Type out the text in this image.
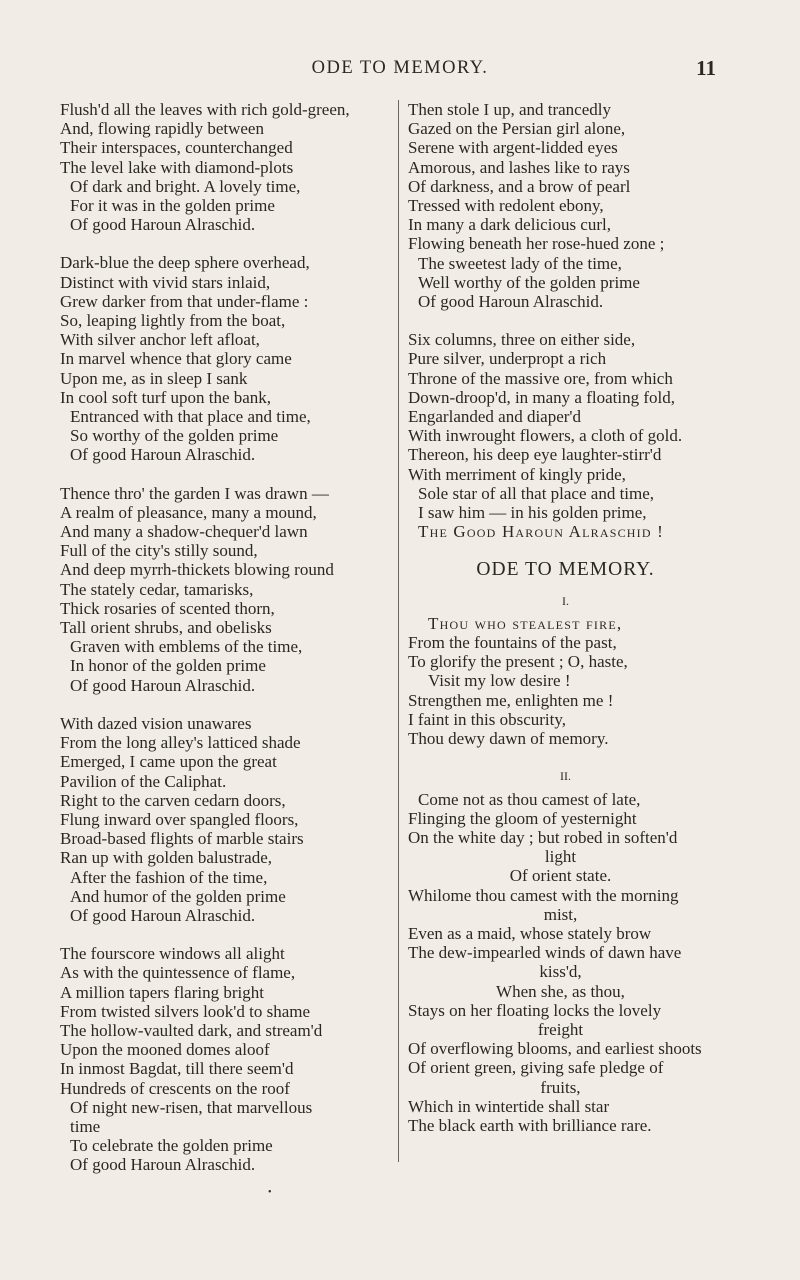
ODE TO MEMORY.	11
Flush'd all the leaves with rich gold-green,
And, flowing rapidly between
Their interspaces, counterchanged
The level lake with diamond-plots
Of dark and bright. A lovely time,
For it was in the golden prime
Of good Haroun Alraschid.
Dark-blue the deep sphere overhead,
Distinct with vivid stars inlaid,
Grew darker from that under-flame :
So, leaping lightly from the boat,
With silver anchor left afloat,
In marvel whence that glory came
Upon me, as in sleep I sank
In cool soft turf upon the bank,
Entranced with that place and time,
So worthy of the golden prime
Of good Haroun Alraschid.
Thence thro' the garden I was drawn —
A realm of pleasance, many a mound,
And many a shadow-chequer'd lawn
Full of the city's stilly sound,
And deep myrrh-thickets blowing round
The stately cedar, tamarisks,
Thick rosaries of scented thorn,
Tall orient shrubs, and obelisks
Graven with emblems of the time,
In honor of the golden prime
Of good Haroun Alraschid.
With dazed vision unawares
From the long alley's latticed shade
Emerged, I came upon the great
Pavilion of the Caliphat.
Right to the carven cedarn doors,
Flung inward over spangled floors,
Broad-based flights of marble stairs
Ran up with golden balustrade,
After the fashion of the time,
And humor of the golden prime
Of good Haroun Alraschid.
The fourscore windows all alight
As with the quintessence of flame,
A million tapers flaring bright
From twisted silvers look'd to shame
The hollow-vaulted dark, and stream'd
Upon the mooned domes aloof
In inmost Bagdat, till there seem'd
Hundreds of crescents on the roof
Of night new-risen, that marvellous
time
To celebrate the golden prime
Of good Haroun Alraschid.
Then stole I up, and trancedly
Gazed on the Persian girl alone,
Serene with argent-lidded eyes
Amorous, and lashes like to rays
Of darkness, and a brow of pearl
Tressed with redolent ebony,
In many a dark delicious curl,
Flowing beneath her rose-hued zone ;
The sweetest lady of the time,
Well worthy of the golden prime
Of good Haroun Alraschid.
Six columns, three on either side,
Pure silver, underpropt a rich
Throne of the massive ore, from which
Down-droop'd, in many a floating fold,
Engarlanded and diaper'd
With inwrought flowers, a cloth of gold.
Thereon, his deep eye laughter-stirr'd
With merriment of kingly pride,
Sole star of all that place and time,
I saw him — in his golden prime,
The Good Haroun Alraschid !
ODE TO MEMORY.
I.
Thou who stealest fire,
From the fountains of the past,
To glorify the present ; O, haste,
Visit my low desire !
Strengthen me, enlighten me !
I faint in this obscurity,
Thou dewy dawn of memory.
II.
Come not as thou camest of late,
Flinging the gloom of yesternight
On the white day ; but robed in soften'd
light
Of orient state.
Whilome thou camest with the morning
mist,
Even as a maid, whose stately brow
The dew-impearled winds of dawn have
kiss'd,
When she, as thou,
Stays on her floating locks the lovely
freight
Of overflowing blooms, and earliest shoots
Of orient green, giving safe pledge of
fruits,
Which in wintertide shall star
The black earth with brilliance rare.
•
